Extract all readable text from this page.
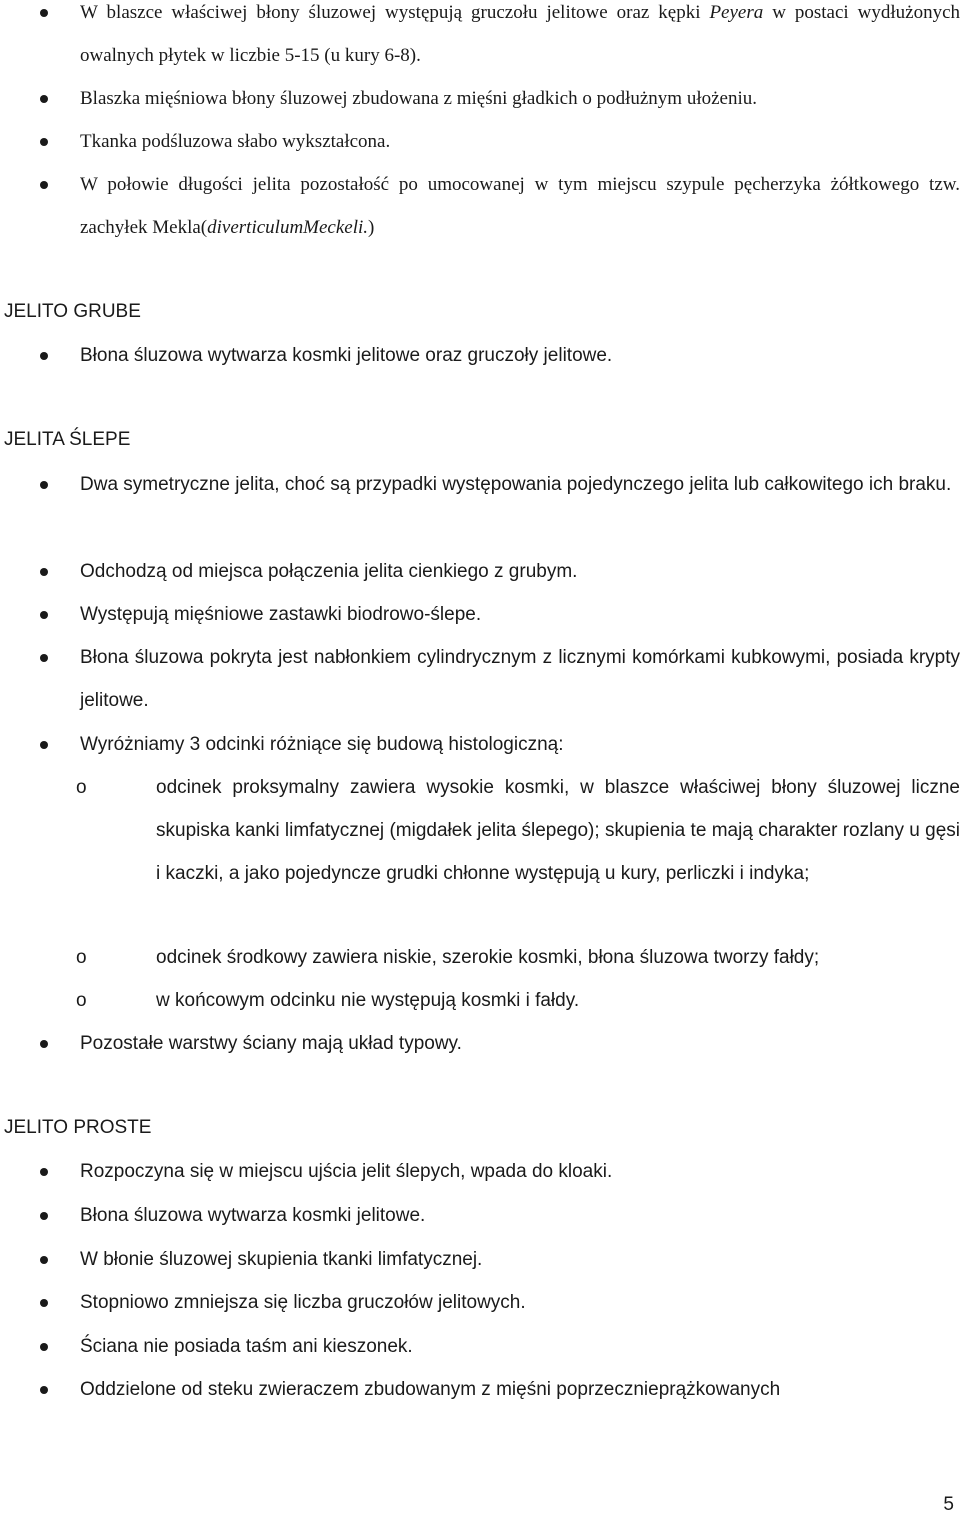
W blaszce właściwej błony śluzowej występują gruczołu jelitowe oraz kępki Peyera w postaci wydłużonych owalnych płytek w liczbie 5-15 (u kury 6-8).
Blaszka mięśniowa błony śluzowej zbudowana z mięśni gładkich o podłużnym ułożeniu.
Tkanka podśluzowa słabo wykształcona.
W połowie długości jelita pozostałość po umocowanej w tym miejscu szypule pęcherzyka żółtkowego tzw. zachyłek Mekla(diverticulumMeckeli.)
JELITO GRUBE
Błona śluzowa wytwarza kosmki jelitowe oraz gruczoły jelitowe.
JELITA ŚLEPE
Dwa symetryczne jelita, choć są przypadki występowania pojedynczego jelita lub całkowitego ich braku.
Odchodzą od miejsca połączenia jelita cienkiego z grubym.
Występują mięśniowe zastawki biodrowo-ślepe.
Błona śluzowa pokryta jest nabłonkiem cylindrycznym z licznymi komórkami kubkowymi, posiada krypty jelitowe.
Wyróżniamy 3 odcinki różniące się budową histologiczną:
o	odcinek proksymalny zawiera wysokie kosmki, w blaszce właściwej błony śluzowej liczne skupiska kanki limfatycznej (migdałek jelita ślepego); skupienia te mają charakter rozlany u gęsi i kaczki, a jako pojedyncze grudki chłonne występują u kury, perliczki i indyka;
o	odcinek środkowy zawiera niskie, szerokie kosmki, błona śluzowa tworzy fałdy;
o	w końcowym odcinku nie występują kosmki i fałdy.
Pozostałe warstwy ściany mają układ typowy.
JELITO PROSTE
Rozpoczyna się w miejscu ujścia jelit ślepych, wpada do kloaki.
Błona śluzowa wytwarza kosmki jelitowe.
W błonie śluzowej skupienia tkanki limfatycznej.
Stopniowo zmniejsza się liczba gruczołów jelitowych.
Ściana nie posiada taśm ani kieszonek.
Oddzielone od steku zwieraczem zbudowanym z mięśni poprzecznieprążkowanych
5
